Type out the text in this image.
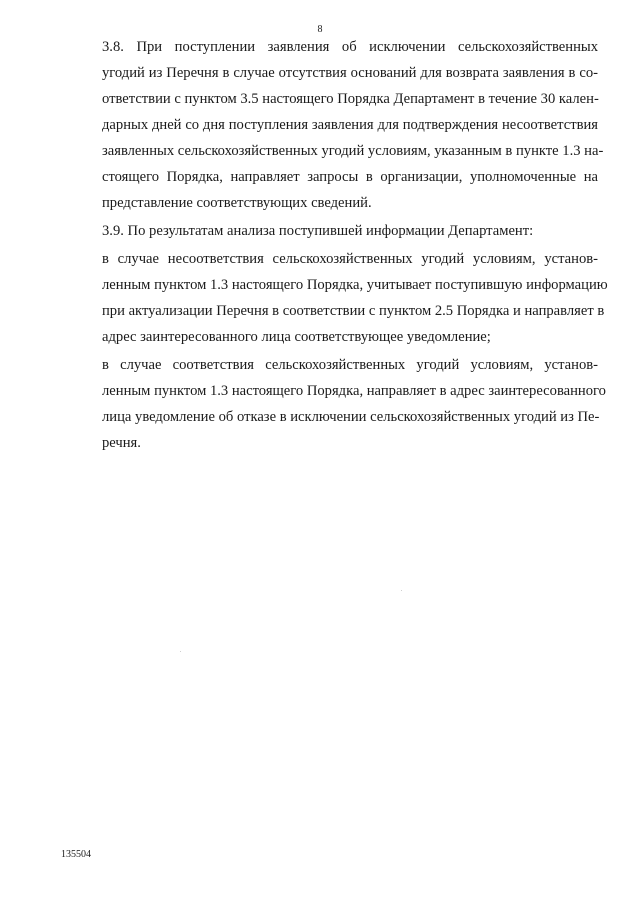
8
3.8. При поступлении заявления об исключении сельскохозяйственных
угодий из Перечня в случае отсутствия оснований для возврата заявления в со-
ответствии с пунктом 3.5 настоящего Порядка Департамент в течение 30 кален-
дарных дней со дня поступления заявления для подтверждения несоответствия
заявленных сельскохозяйственных угодий условиям, указанным в пункте 1.3 на-
стоящего Порядка, направляет запросы в организации, уполномоченные на
представление соответствующих сведений.
3.9. По результатам анализа поступившей информации Департамент:
в случае несоответствия сельскохозяйственных угодий условиям, установ-
ленным пунктом 1.3 настоящего Порядка, учитывает поступившую информацию
при актуализации Перечня в соответствии с пунктом 2.5 Порядка и направляет в
адрес заинтересованного лица соответствующее уведомление;
в случае соответствия сельскохозяйственных угодий условиям, установ-
ленным пунктом 1.3 настоящего Порядка, направляет в адрес заинтересованного
лица уведомление об отказе в исключении сельскохозяйственных угодий из Пе-
речня.
135504
